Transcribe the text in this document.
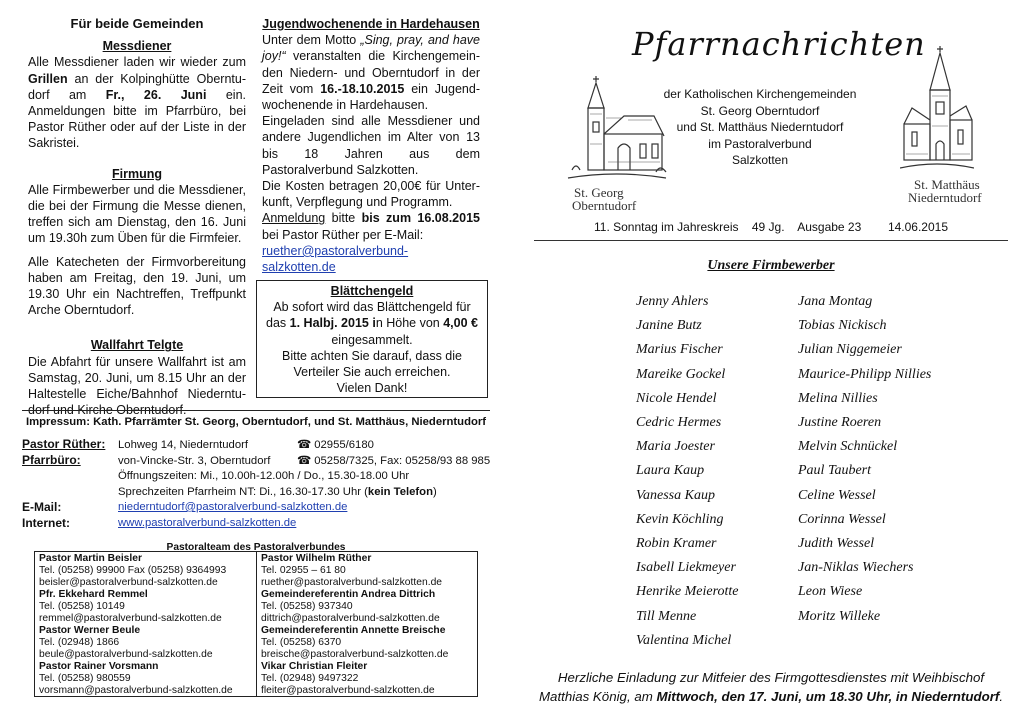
Für beide Gemeinden

Messdiener

Alle Messdiener laden wir wieder zum Grillen an der Kolpinghütte Oberntu-dorf am Fr., 26. Juni ein. Anmeldungen bitte im Pfarrbüro, bei Pastor Rüther oder auf der Liste in der Sakristei.

Firmung

Alle Firmbewerber und die Messdiener, die bei der Firmung die Messe dienen, treffen sich am Dienstag, den 16. Juni um 19.30h zum Üben für die Firmfeier.

Alle Katecheten der Firmvorbereitung haben am Freitag, den 19. Juni, um 19.30 Uhr ein Nachtreffen, Treffpunkt Arche Oberntudorf.

Wallfahrt Telgte

Die Abfahrt für unsere Wallfahrt ist am Samstag, 20. Juni, um 8.15 Uhr an der Haltestelle Eiche/Bahnhof Niederntu-dorf und Kirche Oberntudorf.

Jugendwochenende in Hardehausen

Unter dem Motto „Sing, pray, and have joy!“ veranstalten die Kirchengemein-den Niedern- und Oberntudorf in der Zeit vom 16.-18.10.2015 ein Jugend-wochenende in Hardehausen.

Eingeladen sind alle Messdiener und andere Jugendlichen im Alter von 13 bis 18 Jahren aus dem Pastoralverbund Salzkotten.

Die Kosten betragen 20,00€ für Unter-kunft, Verpflegung und Programm.

Anmeldung bitte bis zum 16.08.2015 bei Pastor Rüther per E-Mail:

ruether@pastoralverbund-salzkotten.de

Blättchengeld

Ab sofort wird das Blättchengeld für

das 1. Halbj. 2015 in Höhe von 4,00 €

eingesammelt.

Bitte achten Sie darauf, dass die

Verteiler Sie auch erreichen.

Vielen Dank!

Impressum: Kath. Pfarrämter St. Georg, Oberntudorf, und St. Matthäus, Niederntudorf

Pastor Rüther: Lohweg 14, Niederntudorf	☎ 02955/6180
Pfarrbüro:	von-Vincke-Str. 3, Oberntudorf ☎ 05258/7325, Fax: 05258/93 88 985
Öffnungszeiten: Mi., 10.00h-12.00h / Do., 15.30-18.00 Uhr
Sprechzeiten Pfarrheim NT: Di., 16.30-17.30 Uhr (kein Telefon)
E-Mail:	niederntudorf@pastoralverbund-salzkotten.de
Internet:	www.pastoralverbund-salzkotten.de

Pastoralteam des Pastoralverbundes

Pastor Martin Beisler

Tel. (05258) 99900 Fax (05258) 9364993

beisler@pastoralverbund-salzkotten.de

Pfr. Ekkehard Remmel

Tel. (05258) 10149

remmel@pastoralverbund-salzkotten.de

Pastor Werner Beule

Tel. (02948) 1866

beule@pastoralverbund-salzkotten.de

Pastor Rainer Vorsmann

Tel. (05258) 980559

vorsmann@pastoralverbund-salzkotten.de

Pastor Wilhelm Rüther

Tel. 02955 – 61 80

ruether@pastoralverbund-salzkotten.de

Gemeindereferentin Andrea Dittrich

Tel. (05258) 937340

dittrich@pastoralverbund-salzkotten.de

Gemeindereferentin Annette Breische

Tel. (05258) 6370

breische@pastoralverbund-salzkotten.de

Vikar Christian Fleiter

Tel. (02948) 9497322

fleiter@pastoralverbund-salzkotten.de

Pfarrnachrichten

St. Georg

Oberntudorf

der Katholischen Kirchengemeinden

St. Georg Oberntudorf

und St. Matthäus Niederntudorf

im Pastoralverbund

Salzkotten

St. Matthäus

Niederntudorf

11. Sonntag im Jahreskreis    49 Jg.    Ausgabe 23        14.06.2015

Unsere Firmbewerber

Jenny Ahlers

Janine Butz

Marius Fischer

Mareike Gockel

Nicole Hendel

Cedric Hermes

Maria Joester

Laura Kaup

Vanessa Kaup

Kevin Köchling

Robin Kramer

Isabell Liekmeyer

Henrike Meierotte

Till Menne

Valentina Michel

Jana Montag

Tobias Nickisch

Julian Niggemeier

Maurice-Philipp Nillies

Melina Nillies

Justine Roeren

Melvin Schnückel

Paul Taubert

Celine Wessel

Corinna Wessel

Judith Wessel

Jan-Niklas Wiechers

Leon Wiese

Moritz Willeke

Herzliche Einladung zur Mitfeier des Firmgottesdienstes mit Weihbischof

Matthias König, am Mittwoch, den 17. Juni, um 18.30 Uhr, in Niederntudorf.
